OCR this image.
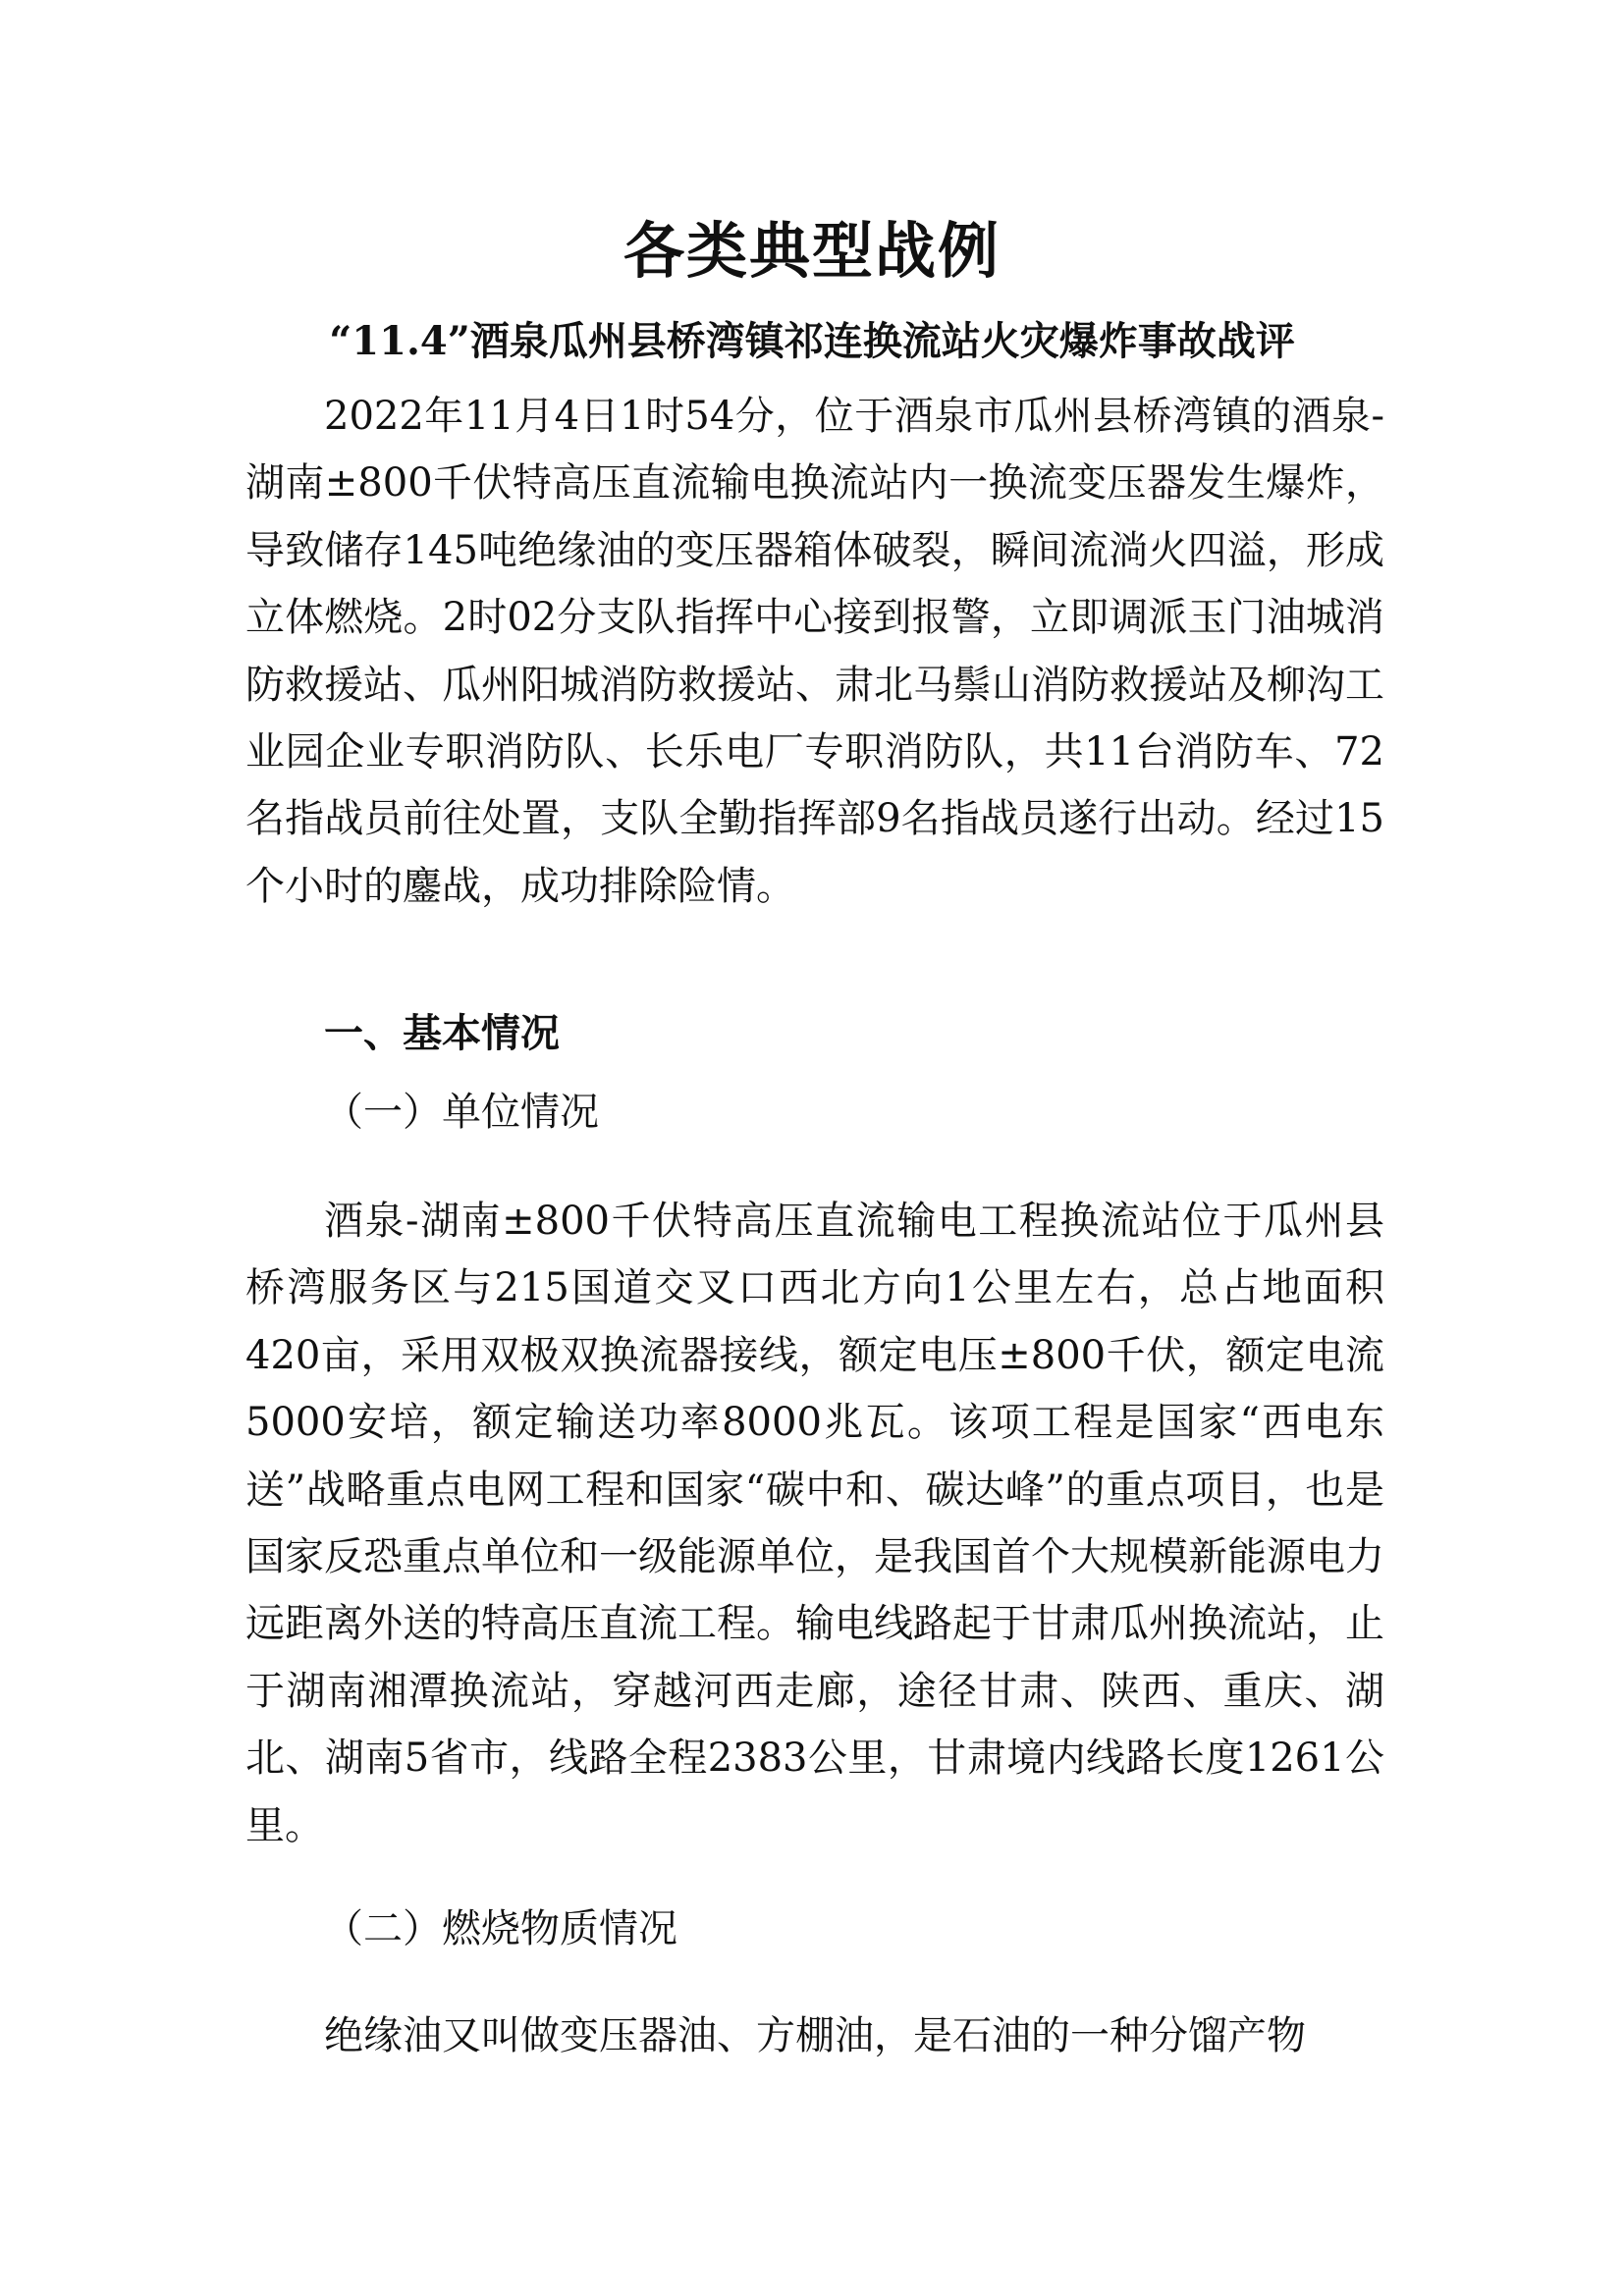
各类典型战例
“11.4”酒泉瓜州县桥湾镇祁连换流站火灾爆炸事故战评

2022年11月4日1时54分，位于酒泉市瓜州县桥湾镇的酒泉-湖南±800千伏特高压直流输电换流站内一换流变压器发生爆炸，导致储存145吨绝缘油的变压器箱体破裂，瞬间流淌火四溢，形成立体燃烧。2时02分支队指挥中心接到报警，立即调派玉门油城消防救援站、瓜州阳城消防救援站、肃北马鬃山消防救援站及柳沟工业园企业专职消防队、长乐电厂专职消防队，共11台消防车、72名指战员前往处置，支队全勤指挥部9名指战员遂行出动。经过15个小时的鏖战，成功排除险情。

一、基本情况
（一）单位情况

酒泉-湖南±800千伏特高压直流输电工程换流站位于瓜州县桥湾服务区与215国道交叉口西北方向1公里左右，总占地面积420亩，采用双极双换流器接线，额定电压±800千伏，额定电流5000安培，额定输送功率8000兆瓦。该项工程是国家“西电东送”战略重点电网工程和国家“碳中和、碳达峰”的重点项目，也是国家反恐重点单位和一级能源单位，是我国首个大规模新能源电力远距离外送的特高压直流工程。输电线路起于甘肃瓜州换流站，止于湖南湘潭换流站，穿越河西走廊，途径甘肃、陕西、重庆、湖北、湖南5省市，线路全程2383公里，甘肃境内线路长度1261公里。

（二）燃烧物质情况

绝缘油又叫做变压器油、方棚油，是石油的一种分馏产物
